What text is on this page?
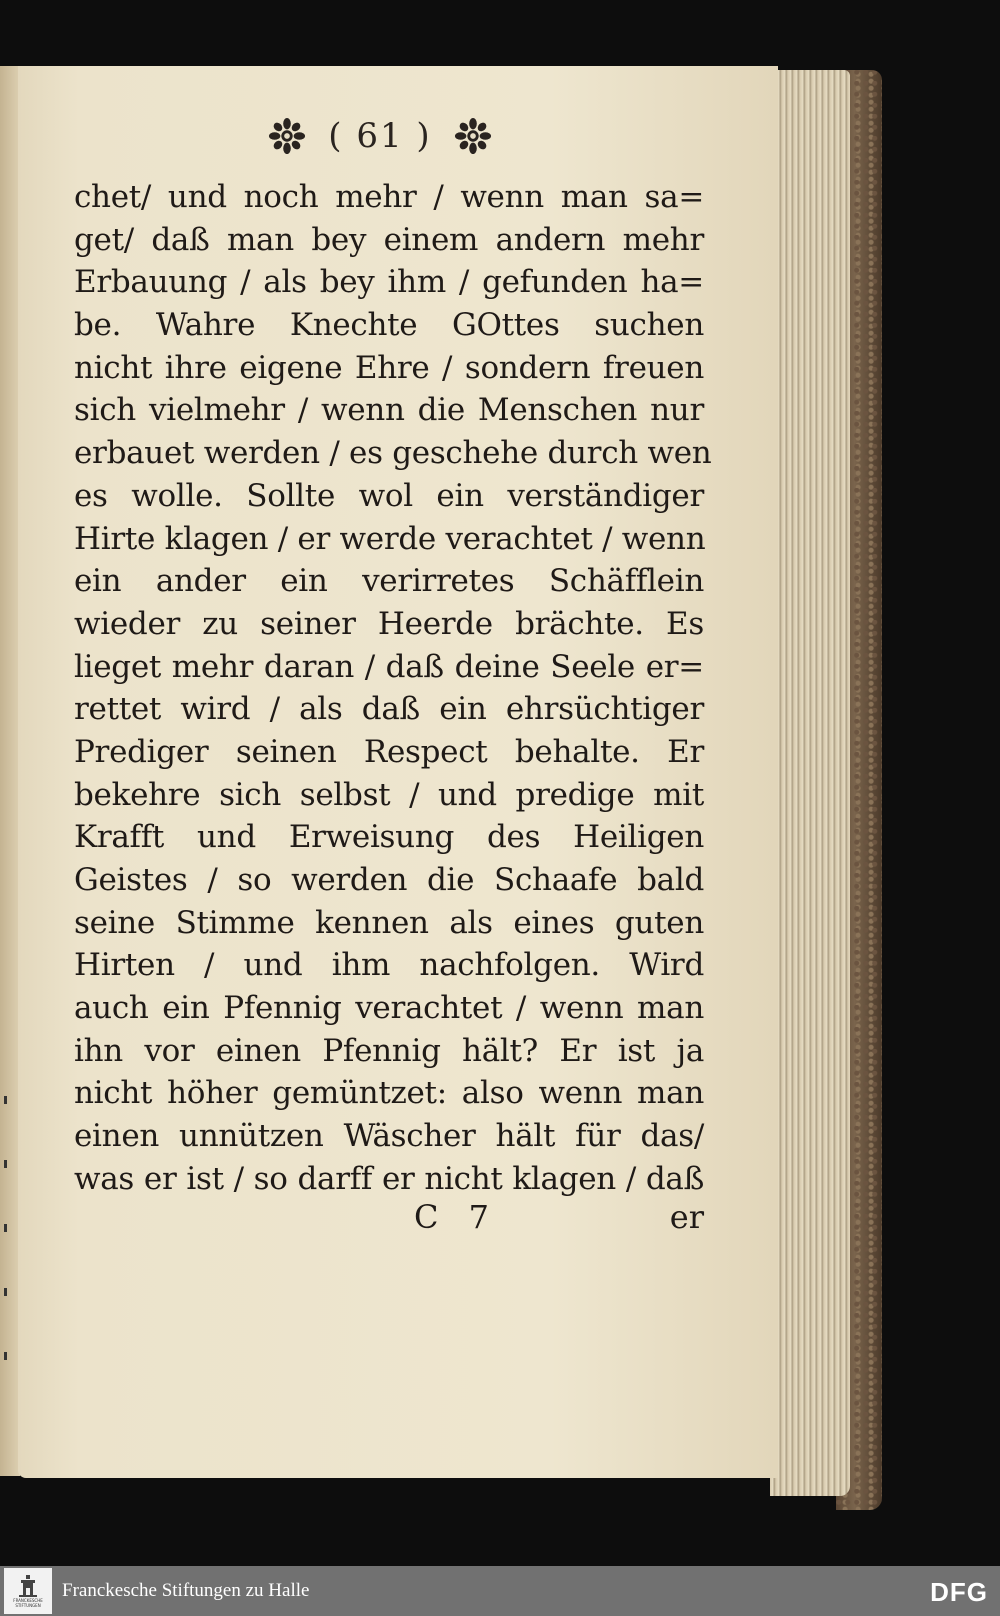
( 61 )
chet/ und noch mehr / wenn man sa=
get/ daß man bey einem andern mehr
Erbauung / als bey ihm / gefunden ha=
be. Wahre Knechte GOttes suchen
nicht ihre eigene Ehre / sondern freuen
sich vielmehr / wenn die Menschen nur
erbauet werden / es geschehe durch wen
es wolle. Sollte wol ein verständiger
Hirte klagen / er werde verachtet / wenn
ein ander ein verirretes Schäfflein
wieder zu seiner Heerde brächte. Es
lieget mehr daran / daß deine Seele er=
rettet wird / als daß ein ehrsüchtiger
Prediger seinen Respect behalte. Er
bekehre sich selbst / und predige mit
Krafft und Erweisung des Heiligen
Geistes / so werden die Schaafe bald
seine Stimme kennen als eines guten
Hirten / und ihm nachfolgen. Wird
auch ein Pfennig verachtet / wenn man
ihn vor einen Pfennig hält? Er ist ja
nicht höher gemüntzet: also wenn man
einen unnützen Wäscher hält für das/
was er ist / so darff er nicht klagen / daß
C 7	er
FRANCKESCHE STIFTUNGEN
Franckesche Stiftungen zu Halle	DFG
